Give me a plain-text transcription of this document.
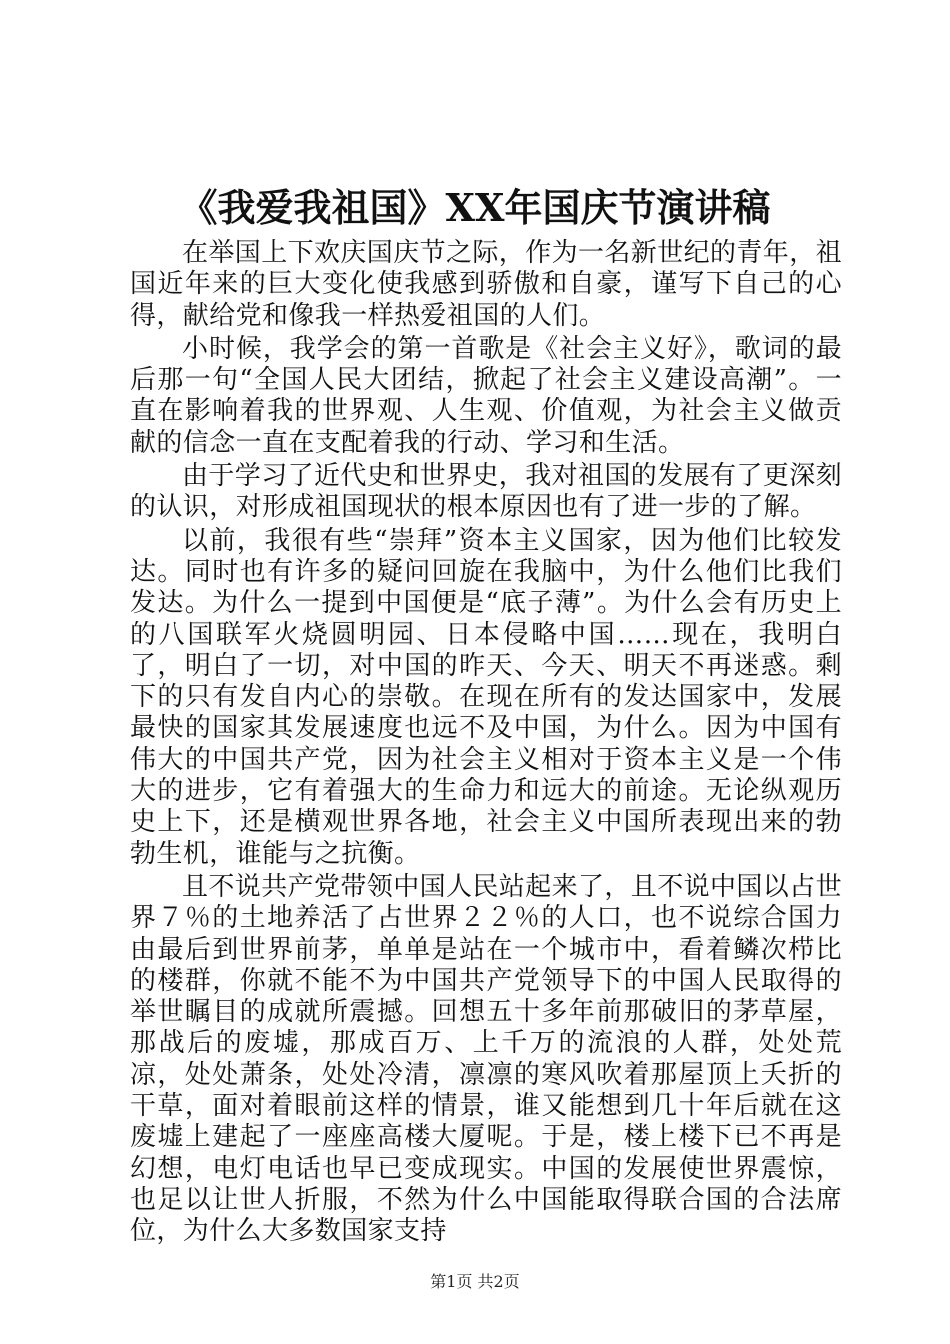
《我爱我祖国》XX年国庆节演讲稿

在举国上下欢庆国庆节之际，作为一名新世纪的青年，祖国近年来的巨大变化使我感到骄傲和自豪，谨写下自己的心得，献给党和像我一样热爱祖国的人们。

小时候，我学会的第一首歌是《社会主义好》，歌词的最后那一句“全国人民大团结，掀起了社会主义建设高潮”。一直在影响着我的世界观、人生观、价值观，为社会主义做贡献的信念一直在支配着我的行动、学习和生活。

由于学习了近代史和世界史，我对祖国的发展有了更深刻的认识，对形成祖国现状的根本原因也有了进一步的了解。

以前，我很有些“崇拜”资本主义国家，因为他们比较发达。同时也有许多的疑问回旋在我脑中，为什么他们比我们发达。为什么一提到中国便是“底子薄”。为什么会有历史上的八国联军火烧圆明园、日本侵略中国……现在，我明白了，明白了一切，对中国的昨天、今天、明天不再迷惑。剩下的只有发自内心的崇敬。在现在所有的发达国家中，发展最快的国家其发展速度也远不及中国，为什么。因为中国有伟大的中国共产党，因为社会主义相对于资本主义是一个伟大的进步，它有着强大的生命力和远大的前途。无论纵观历史上下，还是横观世界各地，社会主义中国所表现出来的勃勃生机，谁能与之抗衡。

且不说共产党带领中国人民站起来了，且不说中国以占世界７％的土地养活了占世界２２％的人口，也不说综合国力由最后到世界前茅，单单是站在一个城市中，看着鳞次栉比的楼群，你就不能不为中国共产党领导下的中国人民取得的举世瞩目的成就所震撼。回想五十多年前那破旧的茅草屋，那战后的废墟，那成百万、上千万的流浪的人群，处处荒凉，处处萧条，处处冷清，凛凛的寒风吹着那屋顶上夭折的干草，面对着眼前这样的情景，谁又能想到几十年后就在这废墟上建起了一座座高楼大厦呢。于是，楼上楼下已不再是幻想，电灯电话也早已变成现实。中国的发展使世界震惊，也足以让世人折服，不然为什么中国能取得联合国的合法席位，为什么大多数国家支持

第1页 共2页
